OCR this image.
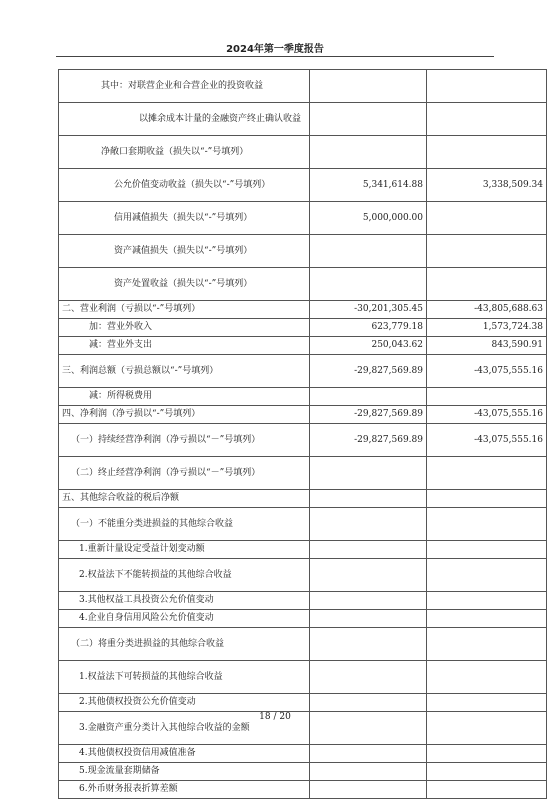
2024年第一季度报告
其中：对联营企业和合营企业的投资收益		
以摊余成本计量的金融资产终止确认收益		
净敞口套期收益（损失以“-”号填列）		
公允价值变动收益（损失以“-”号填列）	5,341,614.88	3,338,509.34
信用减值损失（损失以“-”号填列）	5,000,000.00	
资产减值损失（损失以“-”号填列）		
资产处置收益（损失以“-”号填列）		
二、营业利润（亏损以“-”号填列）	-30,201,305.45	-43,805,688.63
加：营业外收入	623,779.18	1,573,724.38
减：营业外支出	250,043.62	843,590.91
三、利润总额（亏损总额以“-”号填列）	-29,827,569.89	-43,075,555.16
减：所得税费用		
四、净利润（净亏损以“-”号填列）	-29,827,569.89	-43,075,555.16
（一）持续经营净利润（净亏损以“－”号填列）	-29,827,569.89	-43,075,555.16
（二）终止经营净利润（净亏损以“－”号填列）		
五、其他综合收益的税后净额		
（一）不能重分类进损益的其他综合收益		
1.重新计量设定受益计划变动额		
2.权益法下不能转损益的其他综合收益		
3.其他权益工具投资公允价值变动		
4.企业自身信用风险公允价值变动		
（二）将重分类进损益的其他综合收益		
1.权益法下可转损益的其他综合收益		
2.其他债权投资公允价值变动		
3.金融资产重分类计入其他综合收益的金额		
4.其他债权投资信用减值准备		
5.现金流量套期储备		
6.外币财务报表折算差额		
18 / 20
